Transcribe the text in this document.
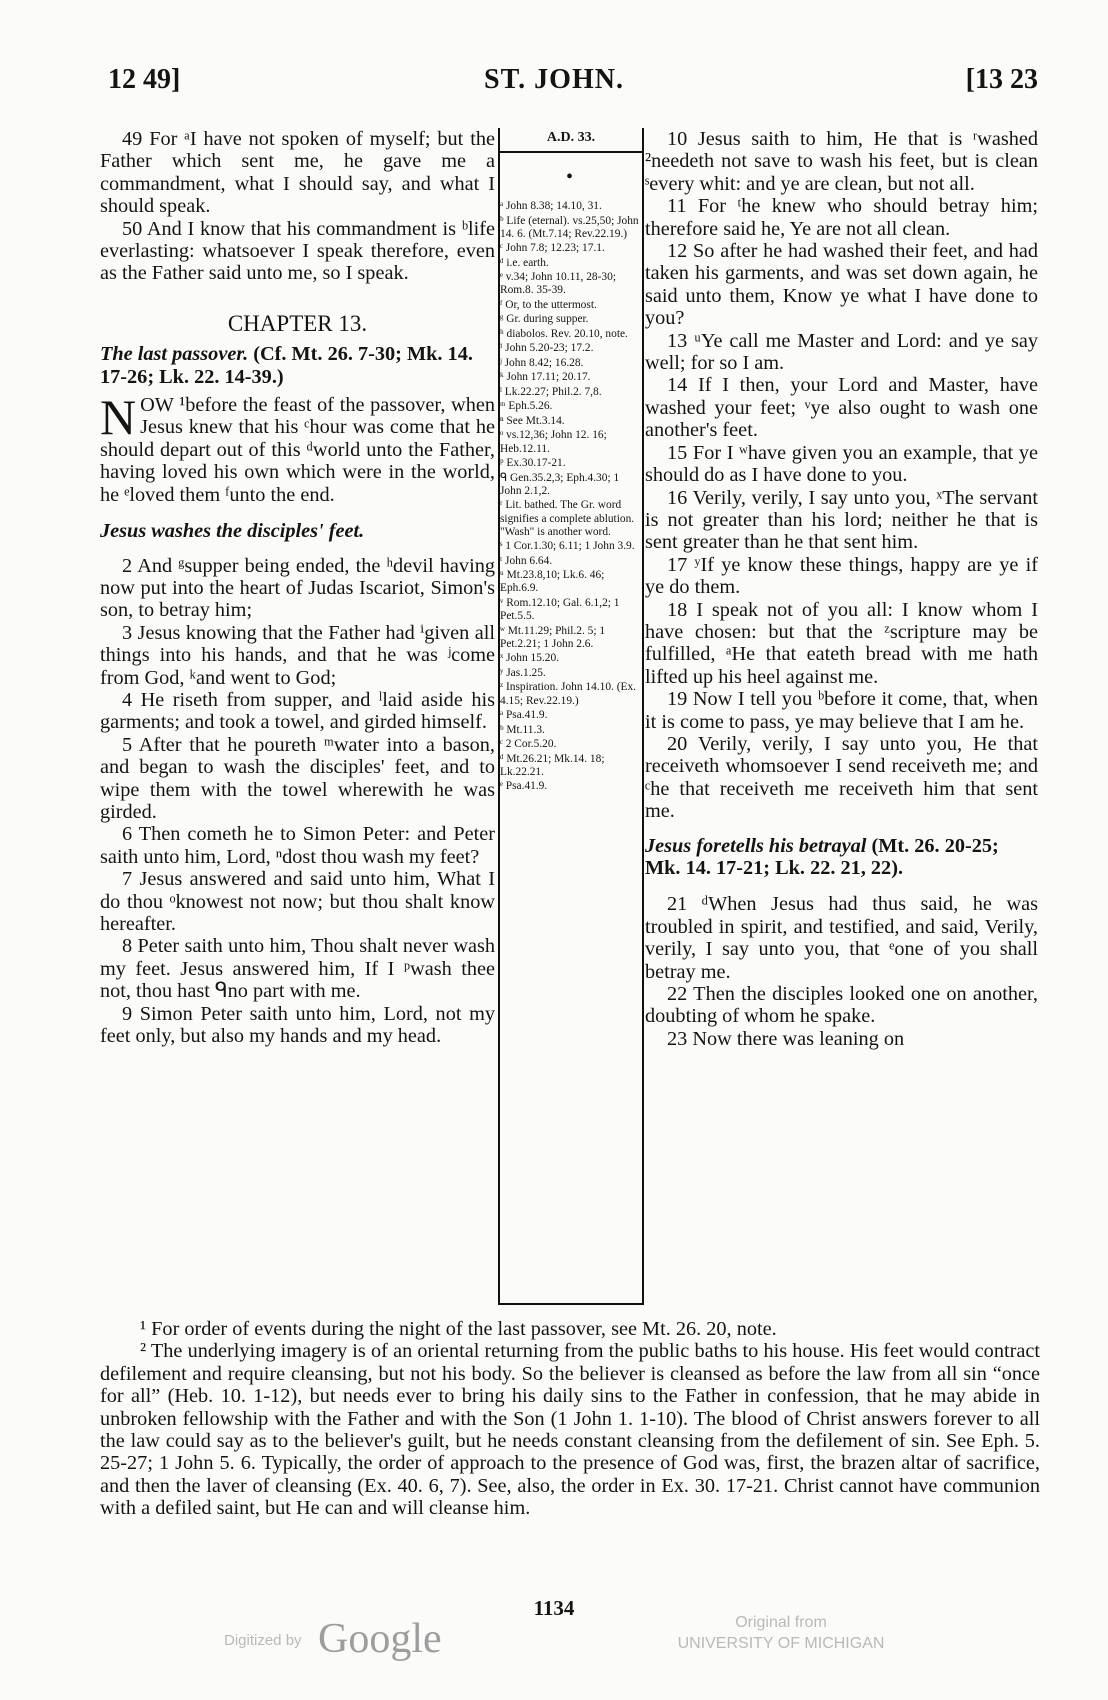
12 49]	ST. JOHN.	[13 23

49 For ᵃI have not spoken of myself; but the Father which sent me, he gave me a commandment, what I should say, and what I should speak.

50 And I know that his commandment is ᵇlife everlasting: whatsoever I speak therefore, even as the Father said unto me, so I speak.

CHAPTER 13.

The last passover. (Cf. Mt. 26. 7-30; Mk. 14. 17-26; Lk. 22. 14-39.)

NOW ¹before the feast of the passover, when Jesus knew that his ᶜhour was come that he should depart out of this ᵈworld unto the Father, having loved his own which were in the world, he ᵉloved them ᶠunto the end.

Jesus washes the disciples' feet.

2 And ᵍsupper being ended, the ʰdevil having now put into the heart of Judas Iscariot, Simon's son, to betray him;

3 Jesus knowing that the Father had ⁱgiven all things into his hands, and that he was ʲcome from God, ᵏand went to God;

4 He riseth from supper, and ˡlaid aside his garments; and took a towel, and girded himself.

5 After that he poureth ᵐwater into a bason, and began to wash the disciples' feet, and to wipe them with the towel wherewith he was girded.

6 Then cometh he to Simon Peter: and Peter saith unto him, Lord, ⁿdost thou wash my feet?

7 Jesus answered and said unto him, What I do thou ᵒknowest not now; but thou shalt know hereafter.

8 Peter saith unto him, Thou shalt never wash my feet. Jesus answered him, If I ᵖwash thee not, thou hast ᑫno part with me.

9 Simon Peter saith unto him, Lord, not my feet only, but also my hands and my head.

A.D. 33.
•
ᵃ John 8.38; 14.10, 31.
ᵇ Life (eternal). vs.25,50; John 14. 6. (Mt.7.14; Rev.22.19.)
ᶜ John 7.8; 12.23; 17.1.
ᵈ i.e. earth.
ᵉ v.34; John 10.11, 28-30; Rom.8. 35-39.
ᶠ Or, to the uttermost.
ᵍ Gr. during supper.
ʰ diabolos. Rev. 20.10, note.
ⁱ John 5.20-23; 17.2.
ʲ John 8.42; 16.28.
ᵏ John 17.11; 20.17.
ˡ Lk.22.27; Phil.2. 7,8.
ᵐ Eph.5.26.
ⁿ See Mt.3.14.
ᵒ vs.12,36; John 12. 16; Heb.12.11.
ᵖ Ex.30.17-21.
ᑫ Gen.35.2,3; Eph.4.30; 1 John 2.1,2.
ʳ Lit. bathed. The Gr. word signifies a complete ablution. "Wash" is another word.
ˢ 1 Cor.1.30; 6.11; 1 John 3.9.
ᵗ John 6.64.
ᵘ Mt.23.8,10; Lk.6. 46; Eph.6.9.
ᵛ Rom.12.10; Gal. 6.1,2; 1 Pet.5.5.
ʷ Mt.11.29; Phil.2. 5; 1 Pet.2.21; 1 John 2.6.
ˣ John 15.20.
ʸ Jas.1.25.
ᶻ Inspiration. John 14.10. (Ex. 4.15; Rev.22.19.)
ᵃ Psa.41.9.
ᵇ Mt.11.3.
ᶜ 2 Cor.5.20.
ᵈ Mt.26.21; Mk.14. 18; Lk.22.21.
ᵉ Psa.41.9.

10 Jesus saith to him, He that is ʳwashed ²needeth not save to wash his feet, but is clean ˢevery whit: and ye are clean, but not all.

11 For ᵗhe knew who should betray him; therefore said he, Ye are not all clean.

12 So after he had washed their feet, and had taken his garments, and was set down again, he said unto them, Know ye what I have done to you?

13 ᵘYe call me Master and Lord: and ye say well; for so I am.

14 If I then, your Lord and Master, have washed your feet; ᵛye also ought to wash one another's feet.

15 For I ʷhave given you an example, that ye should do as I have done to you.

16 Verily, verily, I say unto you, ˣThe servant is not greater than his lord; neither he that is sent greater than he that sent him.

17 ʸIf ye know these things, happy are ye if ye do them.

18 I speak not of you all: I know whom I have chosen: but that the ᶻscripture may be fulfilled, ᵃHe that eateth bread with me hath lifted up his heel against me.

19 Now I tell you ᵇbefore it come, that, when it is come to pass, ye may believe that I am he.

20 Verily, verily, I say unto you, He that receiveth whomsoever I send receiveth me; and ᶜhe that receiveth me receiveth him that sent me.

Jesus foretells his betrayal (Mt. 26. 20-25; Mk. 14. 17-21; Lk. 22. 21, 22).

21 ᵈWhen Jesus had thus said, he was troubled in spirit, and testified, and said, Verily, verily, I say unto you, that ᵉone of you shall betray me.

22 Then the disciples looked one on another, doubting of whom he spake.

23 Now there was leaning on

¹ For order of events during the night of the last passover, see Mt. 26. 20, note.

² The underlying imagery is of an oriental returning from the public baths to his house. His feet would contract defilement and require cleansing, but not his body. So the believer is cleansed as before the law from all sin “once for all” (Heb. 10. 1-12), but needs ever to bring his daily sins to the Father in confession, that he may abide in unbroken fellowship with the Father and with the Son (1 John 1. 1-10). The blood of Christ answers forever to all the law could say as to the believer's guilt, but he needs constant cleansing from the defilement of sin. See Eph. 5. 25-27; 1 John 5. 6. Typically, the order of approach to the presence of God was, first, the brazen altar of sacrifice, and then the laver of cleansing (Ex. 40. 6, 7). See, also, the order in Ex. 30. 17-21. Christ cannot have communion with a defiled saint, but He can and will cleanse him.

1134
Digitized by Google	Original from
UNIVERSITY OF MICHIGAN
